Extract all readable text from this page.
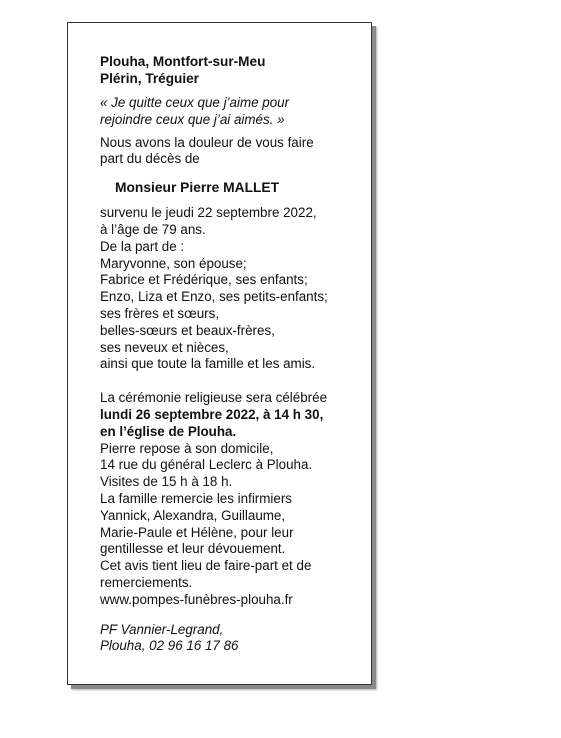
Plouha, Montfort-sur-Meu
Plérin, Tréguier
« Je quitte ceux que j’aime pour
rejoindre ceux que j’ai aimés. »
Nous avons la douleur de vous faire
part du décès de
Monsieur Pierre MALLET
survenu le jeudi 22 septembre 2022,
à l’âge de 79 ans.
De la part de :
Maryvonne, son épouse;
Fabrice et Frédérique, ses enfants;
Enzo, Liza et Enzo, ses petits-enfants;
ses frères et sœurs,
belles-sœurs et beaux-frères,
ses neveux et nièces,
ainsi que toute la famille et les amis.
La cérémonie religieuse sera célébrée
lundi 26 septembre 2022, à 14 h 30,
en l’église de Plouha.
Pierre repose à son domicile,
14 rue du général Leclerc à Plouha.
Visites de 15 h à 18 h.
La famille remercie les infirmiers
Yannick, Alexandra, Guillaume,
Marie-Paule et Hélène, pour leur
gentillesse et leur dévouement.
Cet avis tient lieu de faire-part et de
remerciements.
www.pompes-funèbres-plouha.fr
PF Vannier-Legrand,
Plouha, 02 96 16 17 86
